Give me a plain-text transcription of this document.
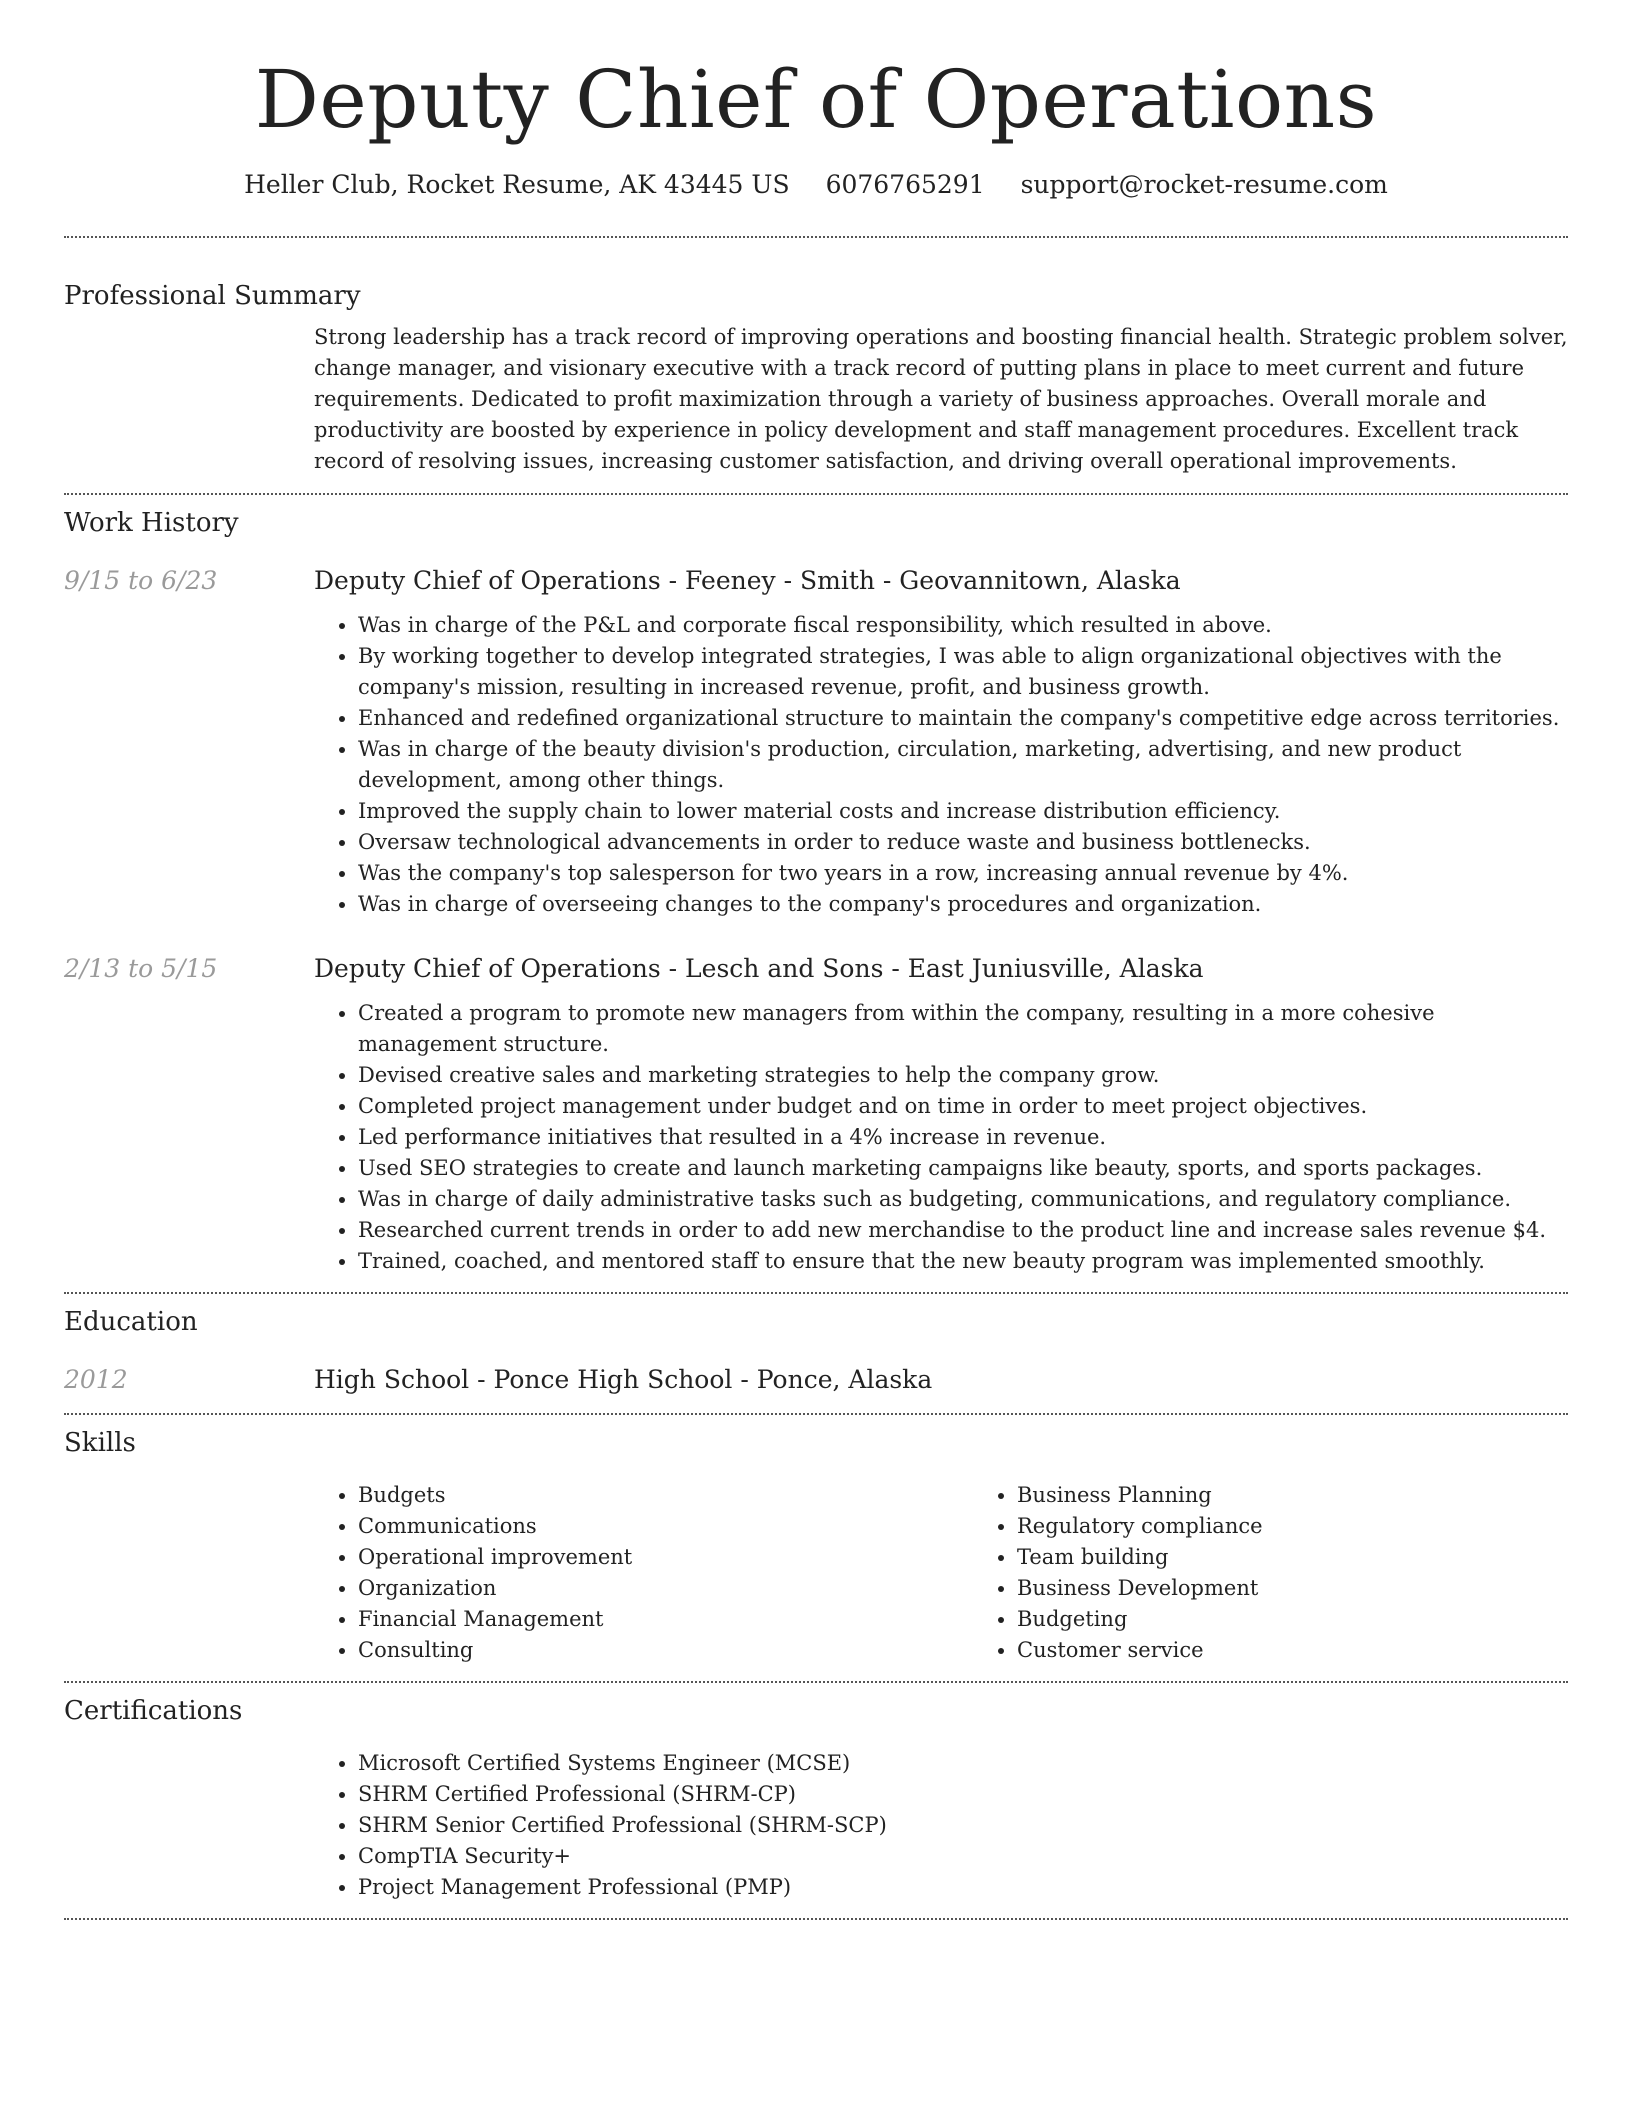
Deputy Chief of Operations
Heller Club, Rocket Resume, AK 43445 US 6076765291 support@rocket-resume.com
Professional Summary
Strong leadership has a track record of improving operations and boosting financial health. Strategic problem solver, change manager, and visionary executive with a track record of putting plans in place to meet current and future requirements. Dedicated to profit maximization through a variety of business approaches. Overall morale and productivity are boosted by experience in policy development and staff management procedures. Excellent track record of resolving issues, increasing customer satisfaction, and driving overall operational improvements.
Work History
9/15 to 6/23	Deputy Chief of Operations - Feeney - Smith - Geovannitown, Alaska
• Was in charge of the P&L and corporate fiscal responsibility, which resulted in above.
• By working together to develop integrated strategies, I was able to align organizational objectives with the company's mission, resulting in increased revenue, profit, and business growth.
• Enhanced and redefined organizational structure to maintain the company's competitive edge across territories.
• Was in charge of the beauty division's production, circulation, marketing, advertising, and new product development, among other things.
• Improved the supply chain to lower material costs and increase distribution efficiency.
• Oversaw technological advancements in order to reduce waste and business bottlenecks.
• Was the company's top salesperson for two years in a row, increasing annual revenue by 4%.
• Was in charge of overseeing changes to the company's procedures and organization.
2/13 to 5/15	Deputy Chief of Operations - Lesch and Sons - East Juniusville, Alaska
• Created a program to promote new managers from within the company, resulting in a more cohesive management structure.
• Devised creative sales and marketing strategies to help the company grow.
• Completed project management under budget and on time in order to meet project objectives.
• Led performance initiatives that resulted in a 4% increase in revenue.
• Used SEO strategies to create and launch marketing campaigns like beauty, sports, and sports packages.
• Was in charge of daily administrative tasks such as budgeting, communications, and regulatory compliance.
• Researched current trends in order to add new merchandise to the product line and increase sales revenue $4.
• Trained, coached, and mentored staff to ensure that the new beauty program was implemented smoothly.
Education
2012	High School - Ponce High School - Ponce, Alaska
Skills
• Budgets
• Communications
• Operational improvement
• Organization
• Financial Management
• Consulting
• Business Planning
• Regulatory compliance
• Team building
• Business Development
• Budgeting
• Customer service
Certifications
• Microsoft Certified Systems Engineer (MCSE)
• SHRM Certified Professional (SHRM-CP)
• SHRM Senior Certified Professional (SHRM-SCP)
• CompTIA Security+
• Project Management Professional (PMP)
